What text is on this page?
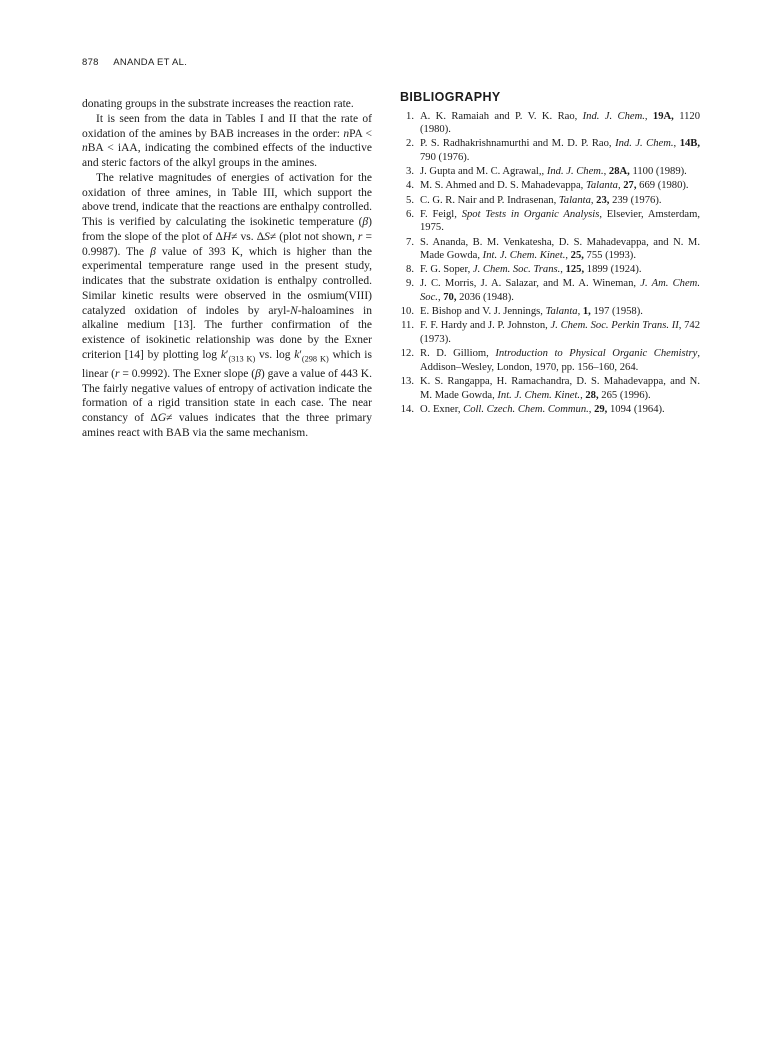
878 ANANDA ET AL.

donating groups in the substrate increases the reaction rate.

It is seen from the data in Tables I and II that the rate of oxidation of the amines by BAB increases in the order: nPA < nBA < iAA, indicating the combined effects of the inductive and steric factors of the alkyl groups in the amines.

The relative magnitudes of energies of activation for the oxidation of three amines, in Table III, which support the above trend, indicate that the reactions are enthalpy controlled. This is verified by calculating the isokinetic temperature (β) from the slope of the plot of ΔH≠ vs. ΔS≠ (plot not shown, r = 0.9987). The β value of 393 K, which is higher than the experimental temperature range used in the present study, indicates that the substrate oxidation is enthalpy controlled. Similar kinetic results were observed in the osmium(VIII) catalyzed oxidation of indoles by aryl-N-haloamines in alkaline medium [13]. The further confirmation of the existence of isokinetic relationship was done by the Exner criterion [14] by plotting $\log k'_{(313 K)}$ vs. $\log k'_{(298 K)}$ which is linear (r = 0.9992). The Exner slope (β) gave a value of 443 K. The fairly negative values of entropy of activation indicate the formation of a rigid transition state in each case. The near constancy of ΔG≠ values indicates that the three primary amines react with BAB via the same mechanism.

BIBLIOGRAPHY
1. A. K. Ramaiah and P. V. K. Rao, Ind. J. Chem., 19A, 1120 (1980).
2. P. S. Radhakrishnamurthi and M. D. P. Rao, Ind. J. Chem., 14B, 790 (1976).
3. J. Gupta and M. C. Agrawal,, Ind. J. Chem., 28A, 1100 (1989).
4. M. S. Ahmed and D. S. Mahadevappa, Talanta, 27, 669 (1980).
5. C. G. R. Nair and P. Indrasenan, Talanta, 23, 239 (1976).
6. F. Feigl, Spot Tests in Organic Analysis, Elsevier, Amsterdam, 1975.
7. S. Ananda, B. M. Venkatesha, D. S. Mahadevappa, and N. M. Made Gowda, Int. J. Chem. Kinet., 25, 755 (1993).
8. F. G. Soper, J. Chem. Soc. Trans., 125, 1899 (1924).
9. J. C. Morris, J. A. Salazar, and M. A. Wineman, J. Am. Chem. Soc., 70, 2036 (1948).
10. E. Bishop and V. J. Jennings, Talanta, 1, 197 (1958).
11. F. F. Hardy and J. P. Johnston, J. Chem. Soc. Perkin Trans. II, 742 (1973).
12. R. D. Gilliom, Introduction to Physical Organic Chemistry, Addison–Wesley, London, 1970, pp. 156–160, 264.
13. K. S. Rangappa, H. Ramachandra, D. S. Mahadevappa, and N. M. Made Gowda, Int. J. Chem. Kinet., 28, 265 (1996).
14. O. Exner, Coll. Czech. Chem. Commun., 29, 1094 (1964).
